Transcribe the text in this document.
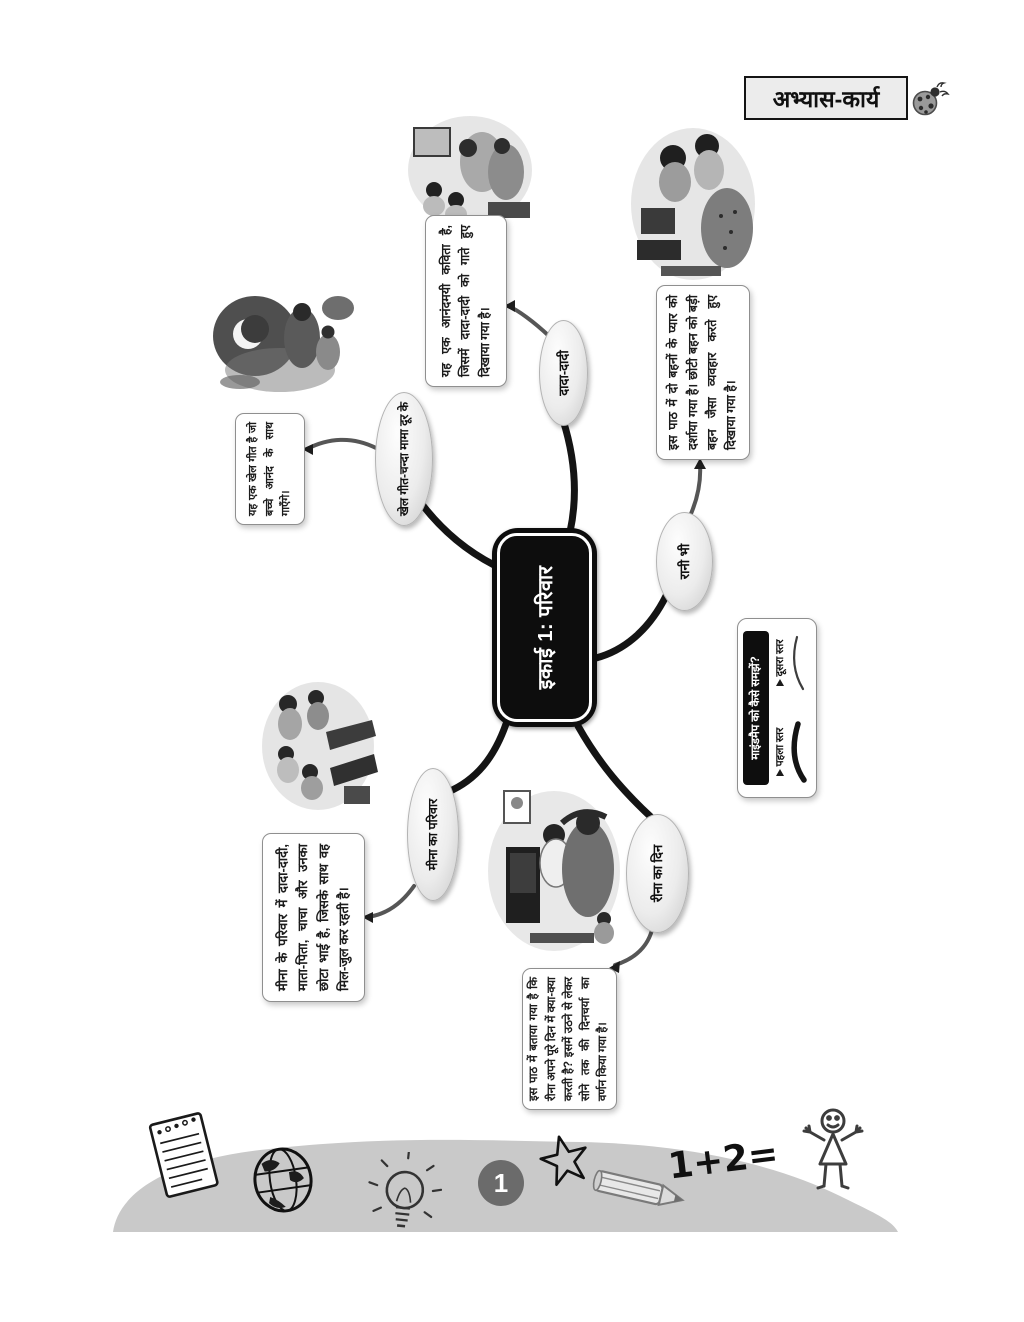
अभ्यास-कार्य
इकाई 1: परिवार
खेल गीत-चन्दा मामा दूर के
दादा-दादी
रानी भी
मीना का परिवार
रीना का दिन
यह एक खेल गीत है जो बच्चे आनंद के साथ गाएँगे।
यह एक आनंदमयी कविता है, जिसमें दादा-दादी को गाते हुए दिखाया गया है।	इस पाठ में दो बहनों के प्यार को दर्शाया गया है। छोटी बहन को बड़ी बहन जैसा व्यवहार करते हुए दिखाया गया है।
मीना के परिवार में दादा-दादी, माता-पिता, चाचा और उनका छोटा भाई है, जिसके साथ वह मिल-जुल कर रहती है।
इस पाठ में बताया गया है कि रीना अपने पूरे दिन में क्या-क्या करती है? इसमें उठने से लेकर सोने तक की दिनचर्या का वर्णन किया गया है।
माइंडमैप को कैसे समझें?	पहला स्तर
दूसरा स्तर
1	1+2=
